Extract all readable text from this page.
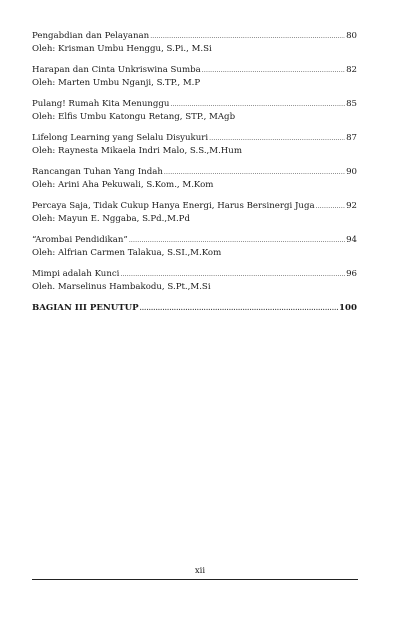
Pengabdian dan Pelayanan .....	80
Oleh: Krisman Umbu Henggu, S.Pi., M.Si
Harapan dan Cinta Unkriswina Sumba .....	82
Oleh: Marten Umbu Nganji, S.TP., M.P
Pulang! Rumah Kita Menunggu .....	85
Oleh: Elfis Umbu Katongu Retang, STP., MAgb
Lifelong Learning yang Selalu Disyukuri .....	87
Oleh: Raynesta Mikaela Indri Malo, S.S.,M.Hum
Rancangan Tuhan Yang Indah .....	90
Oleh: Arini Aha Pekuwali, S.Kom., M.Kom
Percaya Saja, Tidak Cukup Hanya Energi, Harus Bersinergi Juga .....	92
Oleh: Mayun E. Nggaba, S.Pd.,M.Pd
“Arombai Pendidikan” .....	94
Oleh: Alfrian Carmen Talakua, S.SI.,M.Kom
Mimpi adalah Kunci .....	96
Oleh. Marselinus Hambakodu, S.Pt.,M.Si
BAGIAN III PENUTUP .....	100
xii
